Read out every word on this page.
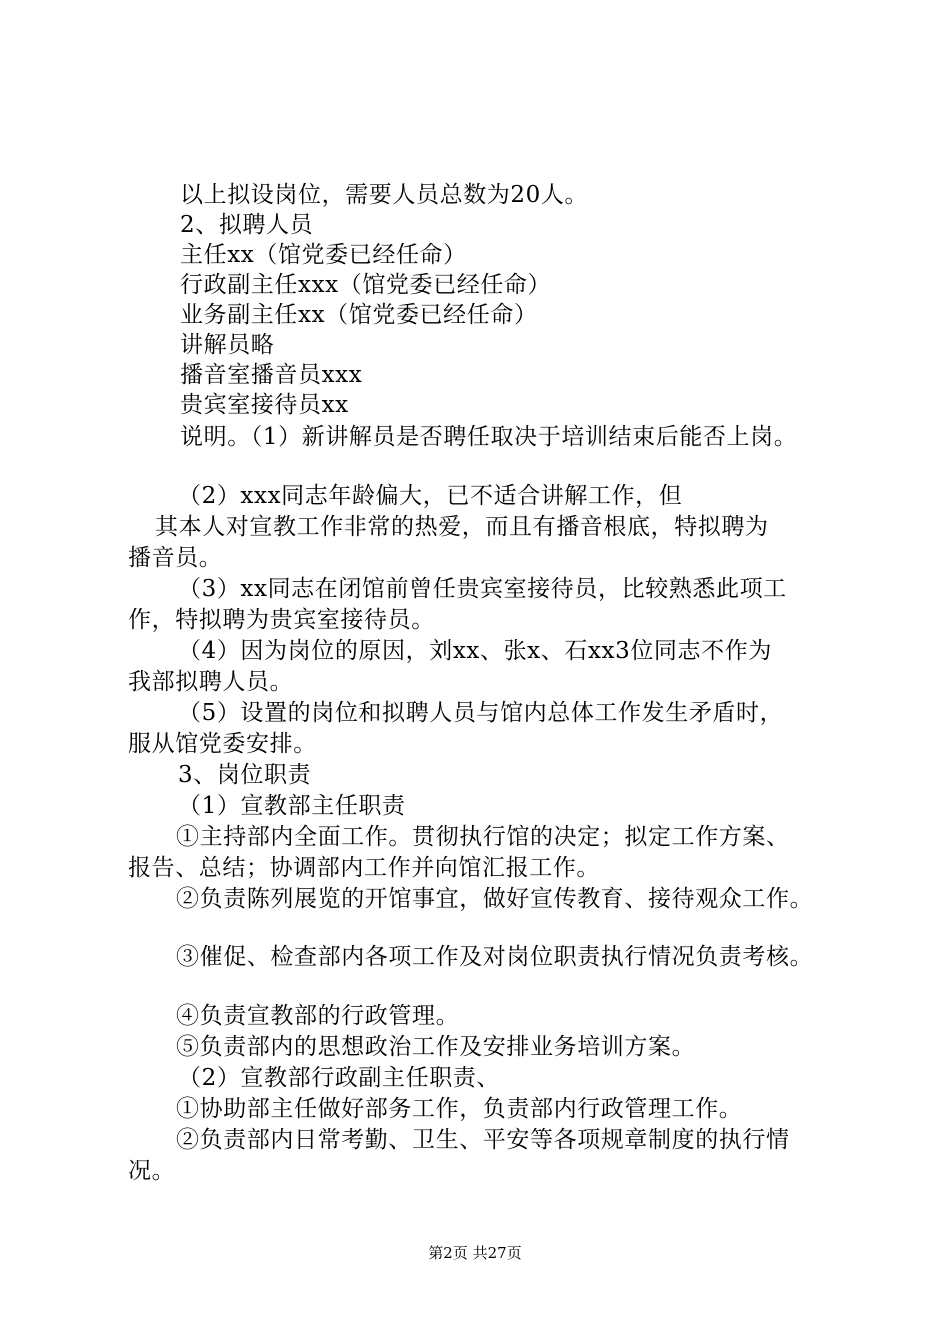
以上拟设岗位，需要人员总数为20人。

2、拟聘人员

主任xx（馆党委已经任命）

行政副主任xxx（馆党委已经任命）

业务副主任xx（馆党委已经任命）

讲解员略

播音室播音员xxx

贵宾室接待员xx

说明。（1）新讲解员是否聘任取决于培训结束后能否上岗。

（2）xxx同志年龄偏大，已不适合讲解工作，但

其本人对宣教工作非常的热爱，而且有播音根底，特拟聘为

播音员。

（3）xx同志在闭馆前曾任贵宾室接待员，比较熟悉此项工

作，特拟聘为贵宾室接待员。

（4）因为岗位的原因，刘xx、张x、石xx3位同志不作为

我部拟聘人员。

（5）设置的岗位和拟聘人员与馆内总体工作发生矛盾时，

服从馆党委安排。

3、岗位职责

（1）宣教部主任职责

①主持部内全面工作。贯彻执行馆的决定；拟定工作方案、

报告、总结；协调部内工作并向馆汇报工作。

②负责陈列展览的开馆事宜，做好宣传教育、接待观众工作。

③催促、检查部内各项工作及对岗位职责执行情况负责考核。

④负责宣教部的行政管理。

⑤负责部内的思想政治工作及安排业务培训方案。

（2）宣教部行政副主任职责、

①协助部主任做好部务工作，负责部内行政管理工作。

②负责部内日常考勤、卫生、平安等各项规章制度的执行情

况。

第2页 共27页
